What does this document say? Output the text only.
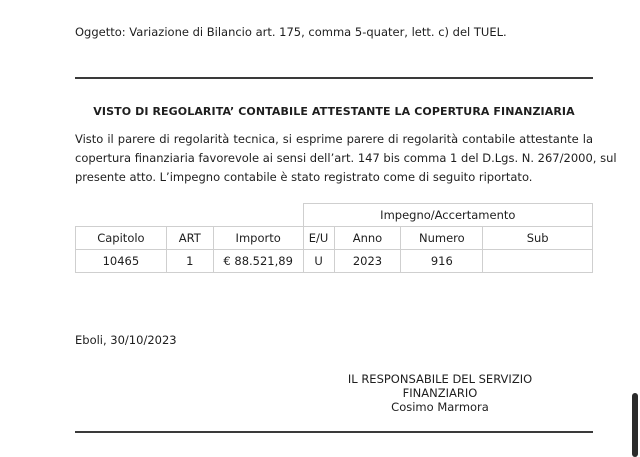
Oggetto: Variazione di Bilancio art. 175, comma 5-quater, lett. c) del TUEL.
VISTO DI REGOLARITA’ CONTABILE ATTESTANTE LA COPERTURA FINANZIARIA
Visto il parere di regolarità tecnica, si esprime parere di regolarità contabile attestante la
copertura finanziaria favorevole ai sensi dell’art. 147 bis comma 1 del D.Lgs. N. 267/2000, sul
presente atto. L’impegno contabile è stato registrato come di seguito riportato.
			Impegno/Accertamento			
Capitolo	ART	Importo	E/U	Anno	Numero	Sub
10465	1	€ 88.521,89	U	2023	916	
Eboli, 30/10/2023
IL RESPONSABILE DEL SERVIZIO FINANZIARIO
Cosimo Marmora
